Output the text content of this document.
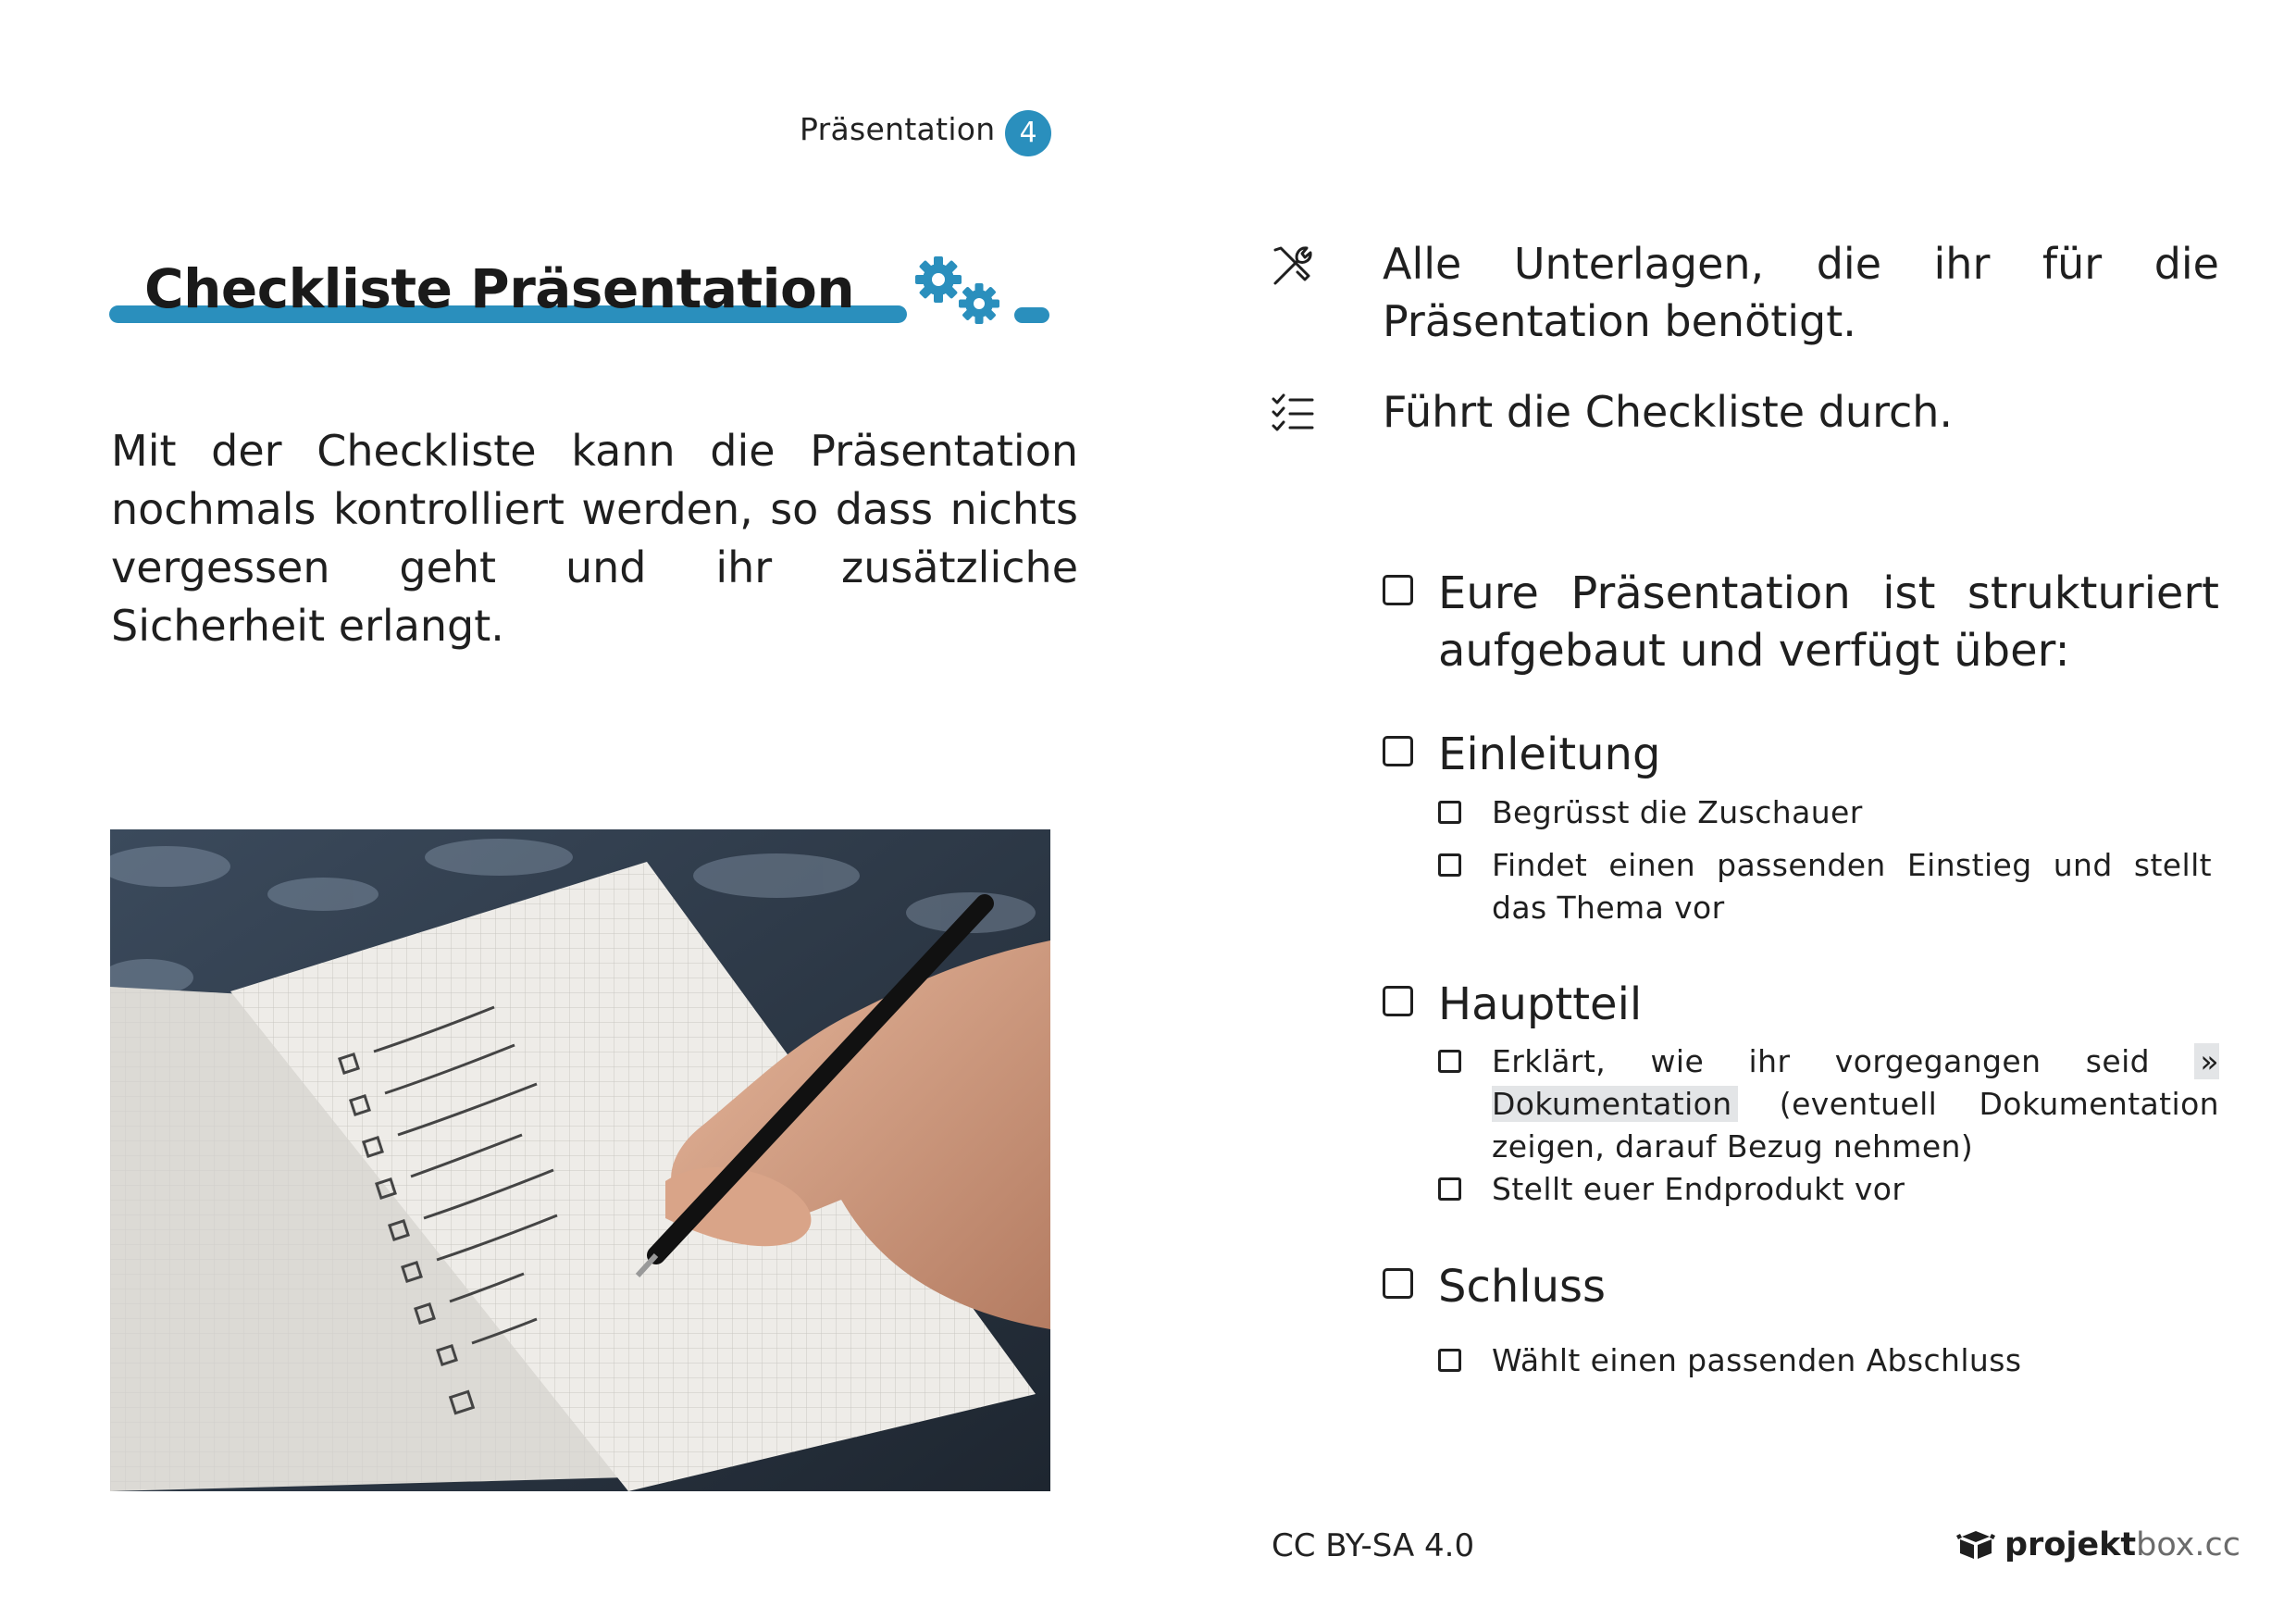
Präsentation 4
Checkliste Präsentation
Mit der Checkliste kann die Präsentation nochmals kontrolliert werden, so dass nichts vergessen geht und ihr zusätzliche Sicherheit erlangt.
Alle Unterlagen, die ihr für die Präsentation benötigt.
Führt die Checkliste durch.
Eure Präsentation ist strukturiert aufgebaut und verfügt über:
Einleitung
Begrüsst die Zuschauer
Findet einen passenden Einstieg und stellt das Thema vor
Hauptteil
Erklärt, wie ihr vorgegangen seid » Dokumentation (eventuell Dokumentation zeigen, darauf Bezug nehmen)
Stellt euer Endprodukt vor
Schluss
Wählt einen passenden Abschluss
CC BY-SA 4.0	projektbox.cc
